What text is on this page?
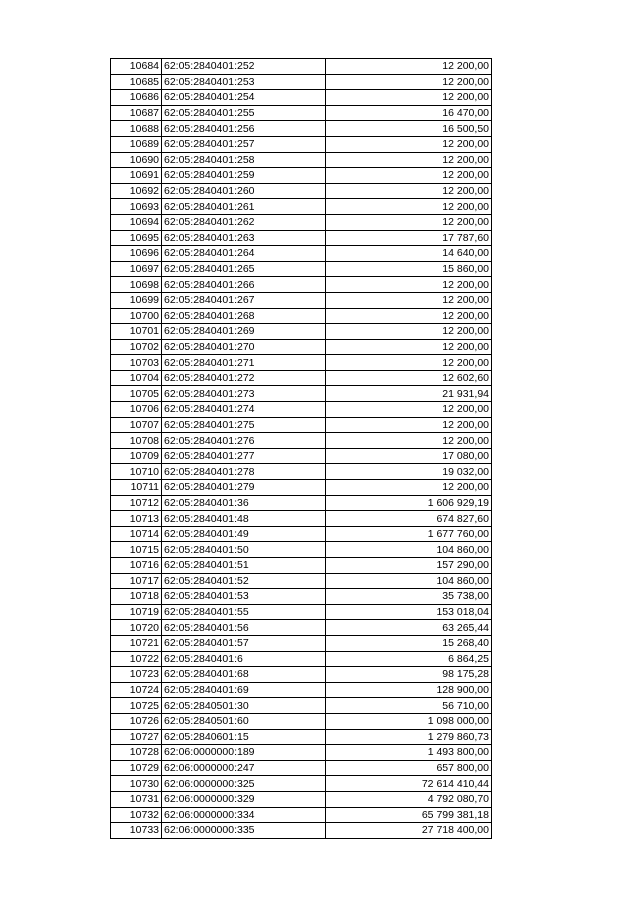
10684	62:05:2840401:252	12 200,00
10685	62:05:2840401:253	12 200,00
10686	62:05:2840401:254	12 200,00
10687	62:05:2840401:255	16 470,00
10688	62:05:2840401:256	16 500,50
10689	62:05:2840401:257	12 200,00
10690	62:05:2840401:258	12 200,00
10691	62:05:2840401:259	12 200,00
10692	62:05:2840401:260	12 200,00
10693	62:05:2840401:261	12 200,00
10694	62:05:2840401:262	12 200,00
10695	62:05:2840401:263	17 787,60
10696	62:05:2840401:264	14 640,00
10697	62:05:2840401:265	15 860,00
10698	62:05:2840401:266	12 200,00
10699	62:05:2840401:267	12 200,00
10700	62:05:2840401:268	12 200,00
10701	62:05:2840401:269	12 200,00
10702	62:05:2840401:270	12 200,00
10703	62:05:2840401:271	12 200,00
10704	62:05:2840401:272	12 602,60
10705	62:05:2840401:273	21 931,94
10706	62:05:2840401:274	12 200,00
10707	62:05:2840401:275	12 200,00
10708	62:05:2840401:276	12 200,00
10709	62:05:2840401:277	17 080,00
10710	62:05:2840401:278	19 032,00
10711	62:05:2840401:279	12 200,00
10712	62:05:2840401:36	1 606 929,19
10713	62:05:2840401:48	674 827,60
10714	62:05:2840401:49	1 677 760,00
10715	62:05:2840401:50	104 860,00
10716	62:05:2840401:51	157 290,00
10717	62:05:2840401:52	104 860,00
10718	62:05:2840401:53	35 738,00
10719	62:05:2840401:55	153 018,04
10720	62:05:2840401:56	63 265,44
10721	62:05:2840401:57	15 268,40
10722	62:05:2840401:6	6 864,25
10723	62:05:2840401:68	98 175,28
10724	62:05:2840401:69	128 900,00
10725	62:05:2840501:30	56 710,00
10726	62:05:2840501:60	1 098 000,00
10727	62:05:2840601:15	1 279 860,73
10728	62:06:0000000:189	1 493 800,00
10729	62:06:0000000:247	657 800,00
10730	62:06:0000000:325	72 614 410,44
10731	62:06:0000000:329	4 792 080,70
10732	62:06:0000000:334	65 799 381,18
10733	62:06:0000000:335	27 718 400,00
